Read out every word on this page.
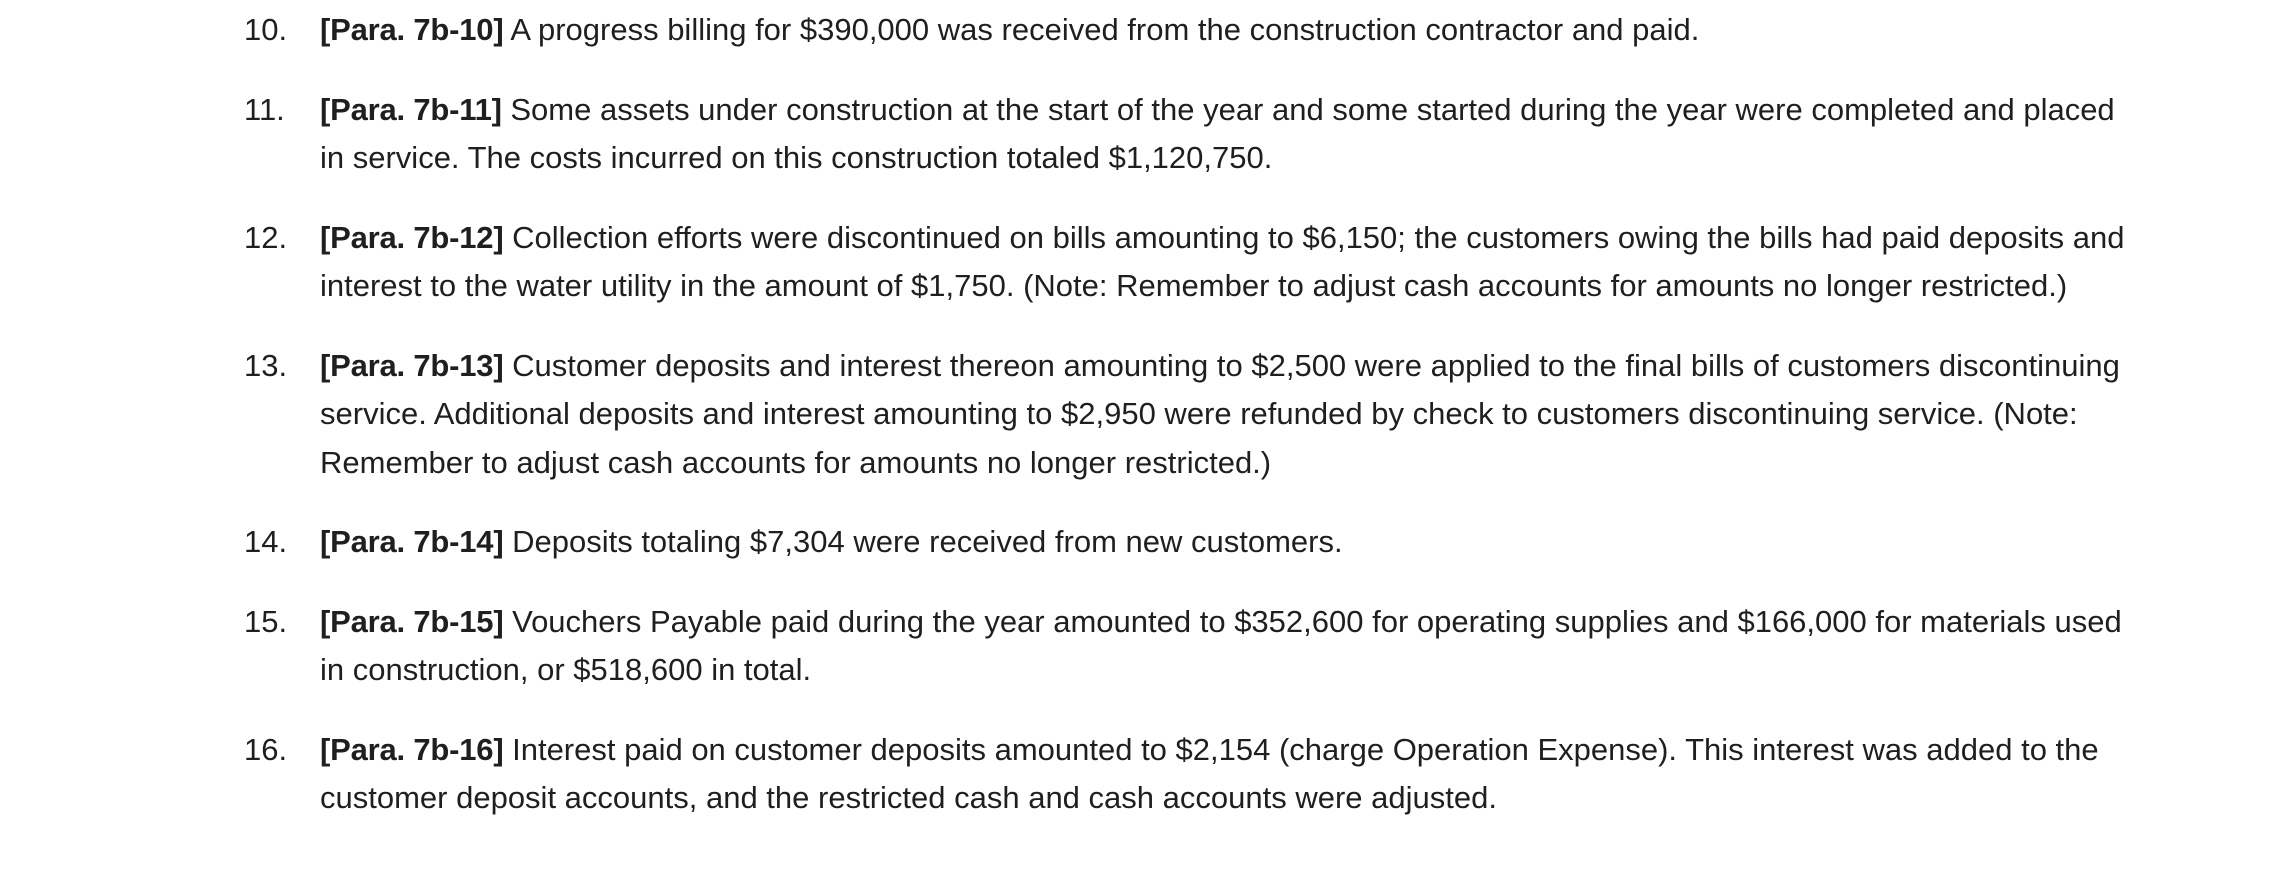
10. [Para. 7b-10] A progress billing for $390,000 was received from the construction contractor and paid.
11. [Para. 7b-11] Some assets under construction at the start of the year and some started during the year were completed and placed in service. The costs incurred on this construction totaled $1,120,750.
12. [Para. 7b-12] Collection efforts were discontinued on bills amounting to $6,150; the customers owing the bills had paid deposits and interest to the water utility in the amount of $1,750. (Note: Remember to adjust cash accounts for amounts no longer restricted.)
13. [Para. 7b-13] Customer deposits and interest thereon amounting to $2,500 were applied to the final bills of customers discontinuing service. Additional deposits and interest amounting to $2,950 were refunded by check to customers discontinuing service. (Note: Remember to adjust cash accounts for amounts no longer restricted.)
14. [Para. 7b-14] Deposits totaling $7,304 were received from new customers.
15. [Para. 7b-15] Vouchers Payable paid during the year amounted to $352,600 for operating supplies and $166,000 for materials used in construction, or $518,600 in total.
16. [Para. 7b-16] Interest paid on customer deposits amounted to $2,154 (charge Operation Expense). This interest was added to the customer deposit accounts, and the restricted cash and cash accounts were adjusted.
